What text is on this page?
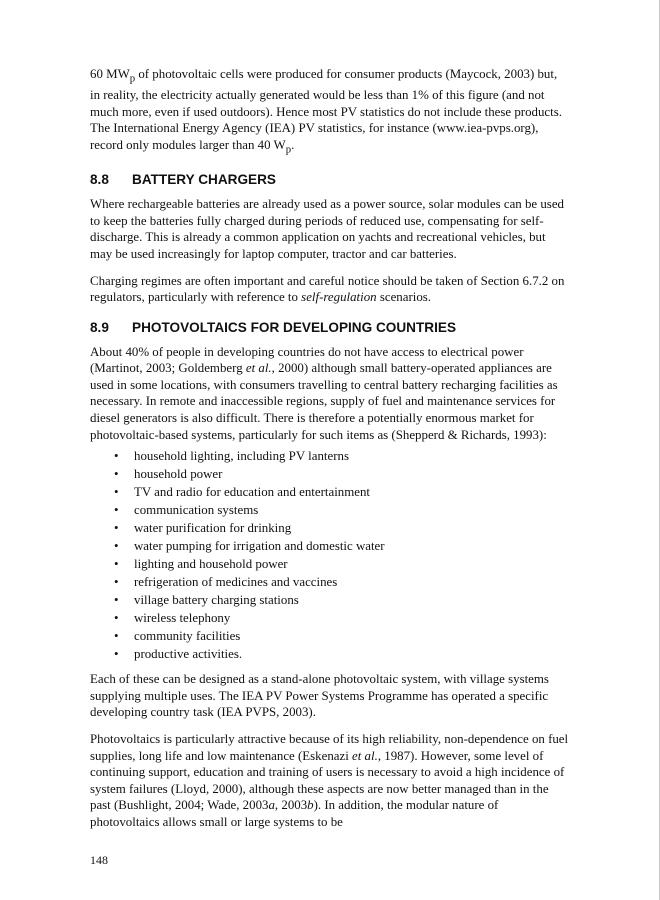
60 $MW_p$ of photovoltaic cells were produced for consumer products (Maycock, 2003) but, in reality, the electricity actually generated would be less than 1% of this figure (and not much more, even if used outdoors). Hence most PV statistics do not include these products. The International Energy Agency (IEA) PV statistics, for instance (www.iea-pvps.org), record only modules larger than 40 $W_p$.

8.8 BATTERY CHARGERS

Where rechargeable batteries are already used as a power source, solar modules can be used to keep the batteries fully charged during periods of reduced use, compensating for self-discharge. This is already a common application on yachts and recreational vehicles, but may be used increasingly for laptop computer, tractor and car batteries.

Charging regimes are often important and careful notice should be taken of Section 6.7.2 on regulators, particularly with reference to self-regulation scenarios.

8.9 PHOTOVOLTAICS FOR DEVELOPING COUNTRIES

About 40% of people in developing countries do not have access to electrical power (Martinot, 2003; Goldemberg et al., 2000) although small battery-operated appliances are used in some locations, with consumers travelling to central battery recharging facilities as necessary. In remote and inaccessible regions, supply of fuel and maintenance services for diesel generators is also difficult. There is therefore a potentially enormous market for photovoltaic-based systems, particularly for such items as (Shepperd & Richards, 1993):

• household lighting, including PV lanterns
• household power
• TV and radio for education and entertainment
• communication systems
• water purification for drinking
• water pumping for irrigation and domestic water
• lighting and household power
• refrigeration of medicines and vaccines
• village battery charging stations
• wireless telephony
• community facilities
• productive activities.

Each of these can be designed as a stand-alone photovoltaic system, with village systems supplying multiple uses. The IEA PV Power Systems Programme has operated a specific developing country task (IEA PVPS, 2003).

Photovoltaics is particularly attractive because of its high reliability, non-dependence on fuel supplies, long life and low maintenance (Eskenazi et al., 1987). However, some level of continuing support, education and training of users is necessary to avoid a high incidence of system failures (Lloyd, 2000), although these aspects are now better managed than in the past (Bushlight, 2004; Wade, 2003a, 2003b). In addition, the modular nature of photovoltaics allows small or large systems to be

148
